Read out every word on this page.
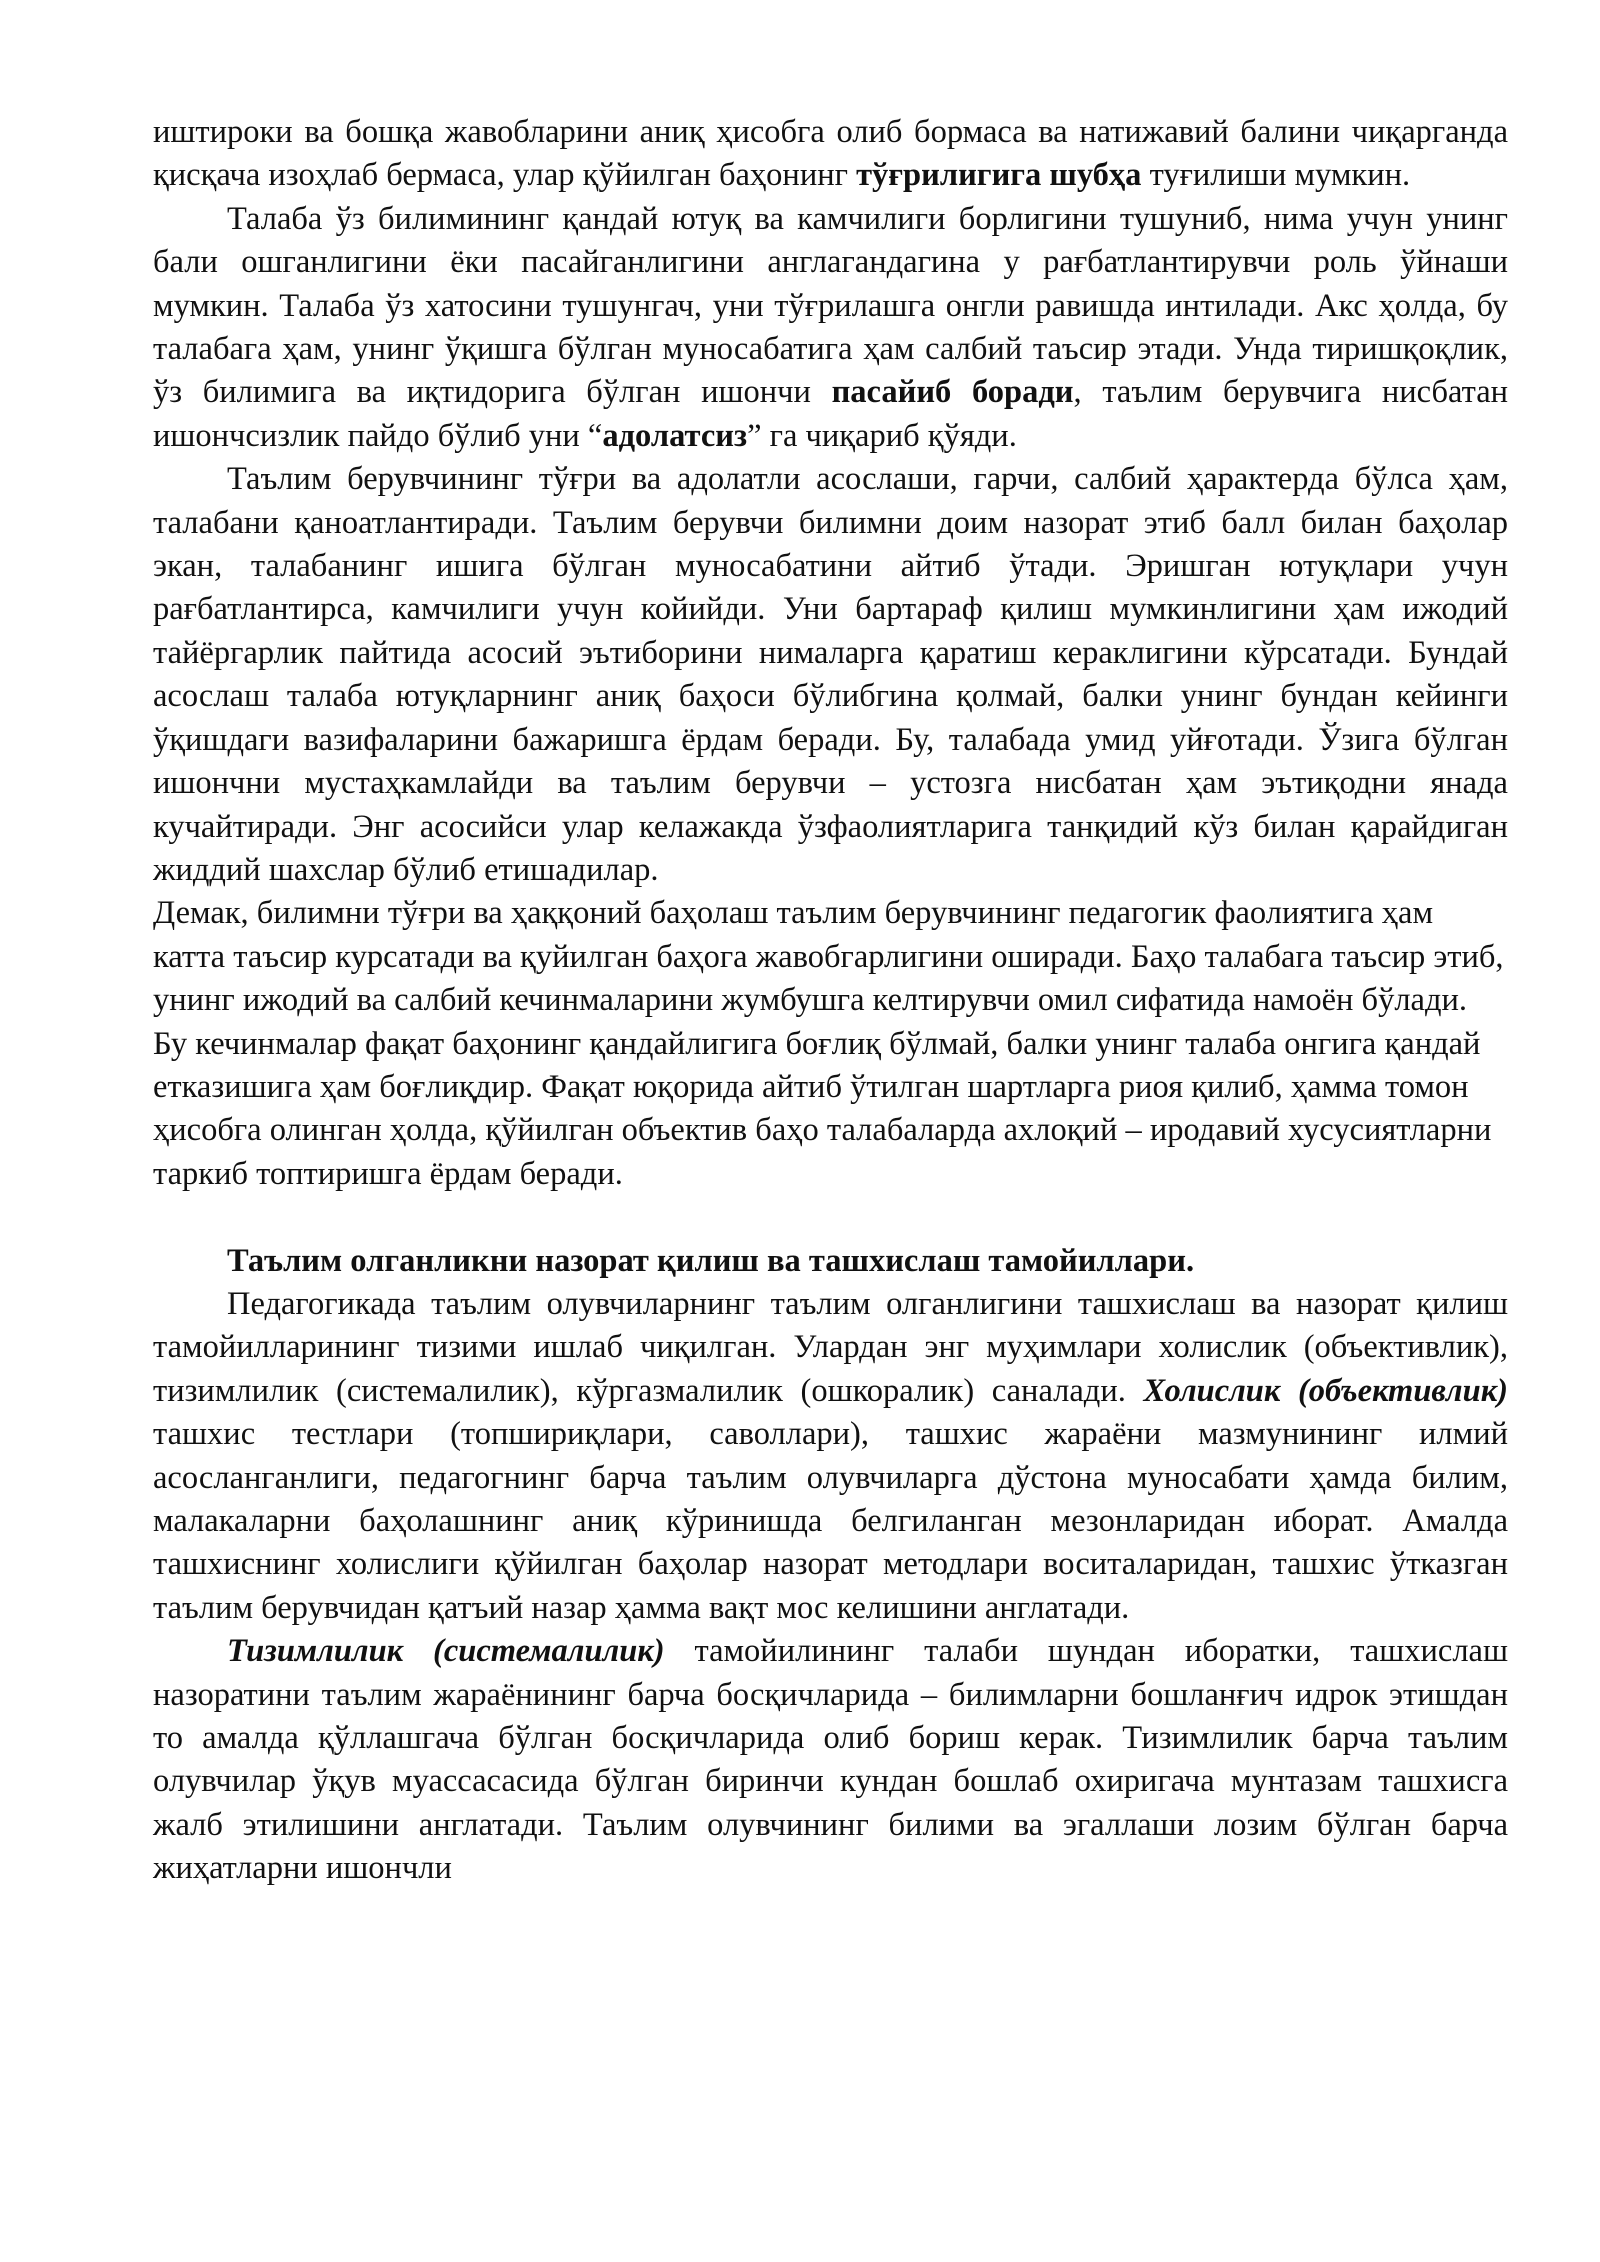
иштироки ва бошқа жавобларини аниқ ҳисобга олиб бормаса ва натижавий балини чиқарганда қисқача изоҳлаб бермаса, улар қўйилган баҳонинг тўғрилигига шубҳа туғилиши мумкин.

Талаба ўз билимининг қандай ютуқ ва камчилиги борлигини тушуниб, нима учун унинг бали ошганлигини ёки пасайганлигини англагандагина у рағбатлантирувчи роль ўйнаши мумкин. Талаба ўз хатосини тушунгач, уни тўғрилашга онгли равишда интилади. Акс ҳолда, бу талабага ҳам, унинг ўқишга бўлган муносабатига ҳам салбий таъсир этади. Унда тиришқоқлик, ўз билимига ва иқтидорига бўлган ишончи пасайиб боради, таълим берувчига нисбатан ишончсизлик пайдо бўлиб уни “адолатсиз” га чиқариб қўяди.

Таълим берувчининг тўғри ва адолатли асослаши, гарчи, салбий ҳарактерда бўлса ҳам, талабани қаноатлантиради. Таълим берувчи билимни доим назорат этиб балл билан баҳолар экан, талабанинг ишига бўлган муносабатини айтиб ўтади. Эришган ютуқлари учун рағбатлантирса, камчилиги учун койийди. Уни бартараф қилиш мумкинлигини ҳам ижодий тайёргарлик пайтида асосий эътиборини нималарга қаратиш кераклигини кўрсатади. Бундай асослаш талаба ютуқларнинг аниқ баҳоси бўлибгина қолмай, балки унинг бундан кейинги ўқишдаги вазифаларини бажаришга ёрдам беради. Бу, талабада умид уйғотади. Ўзига бўлган ишончни мустаҳкамлайди ва таълим берувчи – устозга нисбатан ҳам эътиқодни янада кучайтиради. Энг асосийси улар келажакда ўзфаолиятларига танқидий кўз билан қарайдиган жиддий шахслар бўлиб етишадилар.

Демак, билимни тўғри ва ҳаққоний баҳолаш таълим берувчининг педагогик фаолиятига ҳам катта таъсир курсатади ва қуйилган баҳога жавобгарлигини оширади. Баҳо талабага таъсир этиб, унинг ижодий ва салбий кечинмаларини жумбушга келтирувчи омил сифатида намоён бўлади. Бу кечинмалар фақат баҳонинг қандайлигига боғлиқ бўлмай, балки унинг талаба онгига қандай етказишига ҳам боғлиқдир. Фақат юқорида айтиб ўтилган шартларга риоя қилиб, ҳамма томон ҳисобга олинган ҳолда, қўйилган объектив баҳо талабаларда ахлоқий – иродавий хусусиятларни таркиб топтиришга ёрдам беради.

Таълим олганликни назорат қилиш ва ташхислаш тамойиллари.

Педагогикада таълим олувчиларнинг таълим олганлигини ташхислаш ва назорат қилиш тамойилларининг тизими ишлаб чиқилган. Улардан энг муҳимлари холислик (объективлик), тизимлилик (системалилик), кўргазмалилик (ошкоралик) саналади. Холислик (объективлик) ташхис тестлари (топшириқлари, саволлари), ташхис жараёни мазмунининг илмий асосланганлиги, педагогнинг барча таълим олувчиларга дўстона муносабати ҳамда билим, малакаларни баҳолашнинг аниқ кўринишда белгиланган мезонларидан иборат. Амалда ташхиснинг холислиги қўйилган баҳолар назорат методлари воситаларидан, ташхис ўтказган таълим берувчидан қатъий назар ҳамма вақт мос келишини англатади.

Тизимлилик (системалилик) тамойилининг талаби шундан иборатки, ташхислаш назоратини таълим жараёнининг барча босқичларида – билимларни бошланғич идрок этишдан то амалда қўллашгача бўлган босқичларида олиб бориш керак. Тизимлилик барча таълим олувчилар ўқув муассасасида бўлган биринчи кундан бошлаб охиригача мунтазам ташхисга жалб этилишини англатади. Таълим олувчининг билими ва эгаллаши лозим бўлган барча жиҳатларни ишончли
